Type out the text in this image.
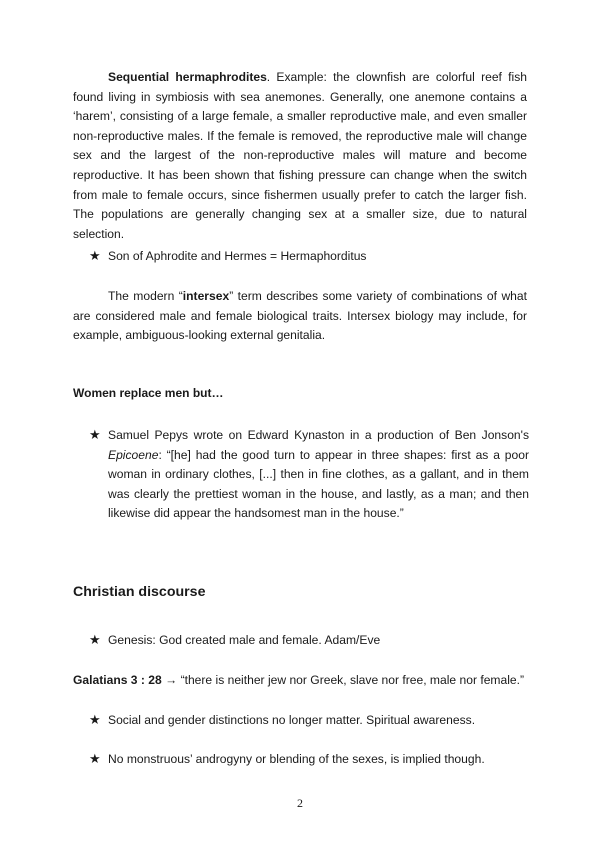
Sequential hermaphrodites. Example: the clownfish are colorful reef fish found living in symbiosis with sea anemones. Generally, one anemone contains a ‘harem’, consisting of a large female, a smaller reproductive male, and even smaller non-reproductive males. If the female is removed, the reproductive male will change sex and the largest of the non-reproductive males will mature and become reproductive. It has been shown that fishing pressure can change when the switch from male to female occurs, since fishermen usually prefer to catch the larger fish. The populations are generally changing sex at a smaller size, due to natural selection.

★ Son of Aphrodite and Hermes = Hermaphorditus

The modern “intersex” term describes some variety of combinations of what are considered male and female biological traits. Intersex biology may include, for example, ambiguous-looking external genitalia.

Women replace men but…

★ Samuel Pepys wrote on Edward Kynaston in a production of Ben Jonson's Epicoene: “[he] had the good turn to appear in three shapes: first as a poor woman in ordinary clothes, [...] then in fine clothes, as a gallant, and in them was clearly the prettiest woman in the house, and lastly, as a man; and then likewise did appear the handsomest man in the house.”

Christian discourse

★ Genesis: God created male and female. Adam/Eve

Galatians 3 : 28 → “there is neither jew nor Greek, slave nor free, male nor female.”

★ Social and gender distinctions no longer matter. Spiritual awareness.
★ No monstruous’ androgyny or blending of the sexes, is implied though.
2
